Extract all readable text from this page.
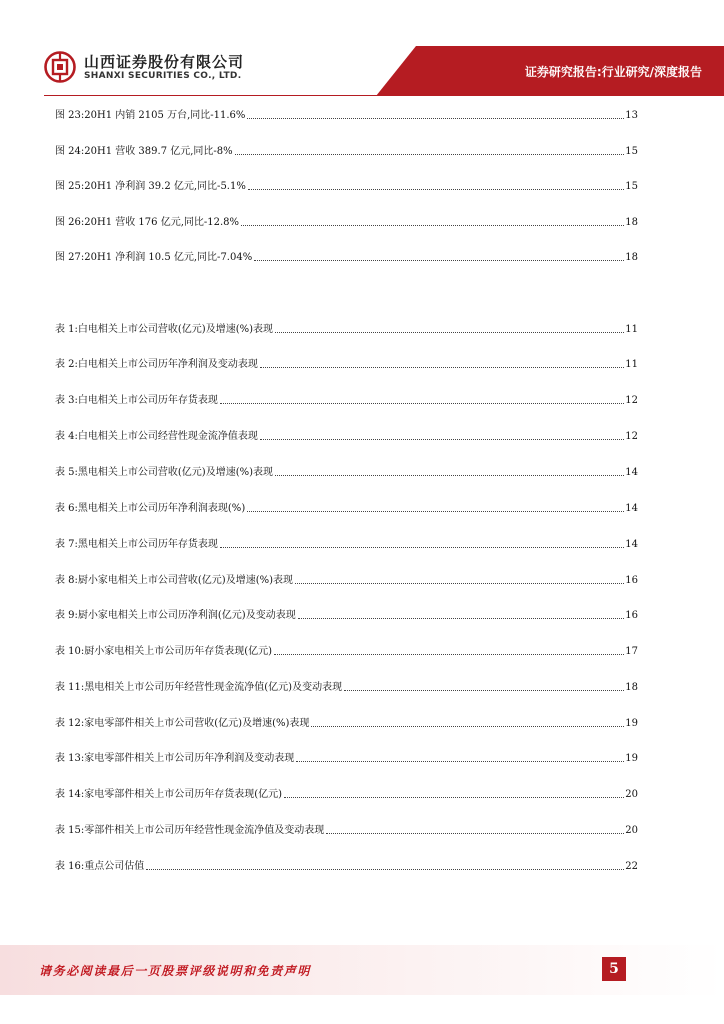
山西证券股份有限公司
SHANXI SECURITIES CO., LTD.	证券研究报告:行业研究/深度报告
图 23:20H1 内销 2105 万台,同比-11.6%	13
图 24:20H1 营收 389.7 亿元,同比-8%	15
图 25:20H1 净利润 39.2 亿元,同比-5.1%	15
图 26:20H1 营收 176 亿元,同比-12.8%	18
图 27:20H1 净利润 10.5 亿元,同比-7.04%	18
表 1:白电相关上市公司营收(亿元)及增速(%)表现	11
表 2:白电相关上市公司历年净利润及变动表现	11
表 3:白电相关上市公司历年存货表现	12
表 4:白电相关上市公司经营性现金流净值表现	12
表 5:黑电相关上市公司营收(亿元)及增速(%)表现	14
表 6:黑电相关上市公司历年净利润表现(%)	14
表 7:黑电相关上市公司历年存货表现	14
表 8:厨小家电相关上市公司营收(亿元)及增速(%)表现	16
表 9:厨小家电相关上市公司历净利润(亿元)及变动表现	16
表 10:厨小家电相关上市公司历年存货表现(亿元)	17
表 11:黑电相关上市公司历年经营性现金流净值(亿元)及变动表现	18
表 12:家电零部件相关上市公司营收(亿元)及增速(%)表现	19
表 13:家电零部件相关上市公司历年净利润及变动表现	19
表 14:家电零部件相关上市公司历年存货表现(亿元)	20
表 15:零部件相关上市公司历年经营性现金流净值及变动表现	20
表 16:重点公司估值	22
请务必阅读最后一页股票评级说明和免责声明	5
